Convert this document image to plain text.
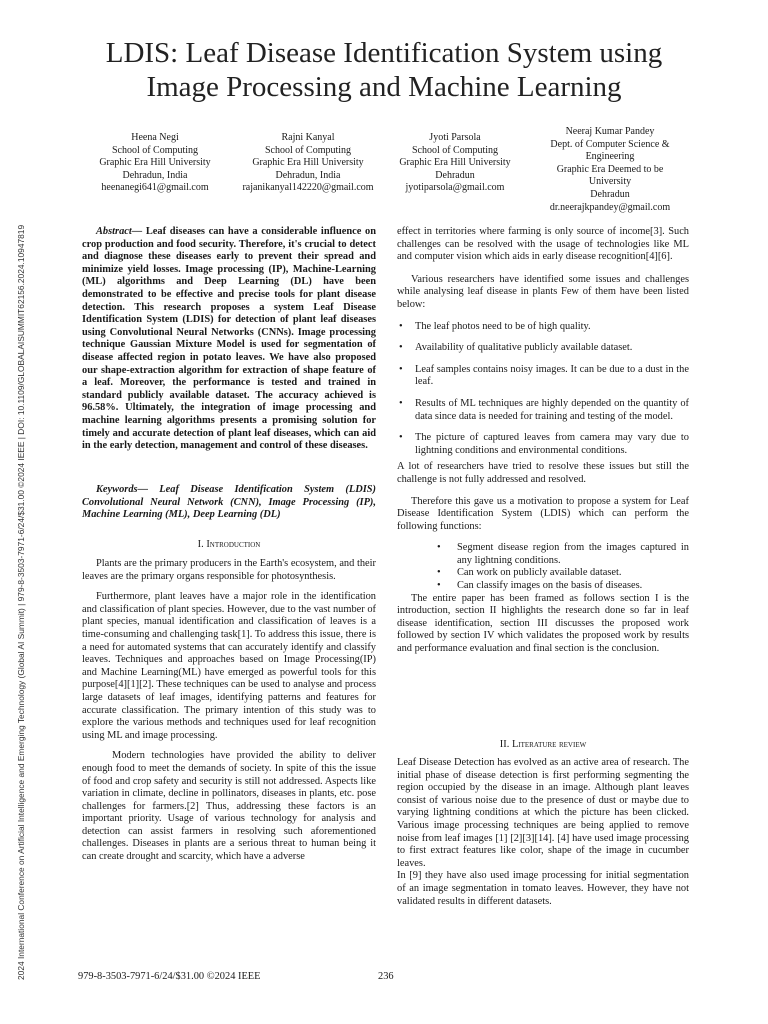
2024 International Conference on Artificial Intelligence and Emerging Technology (Global AI Summit) | 979-8-3503-7971-6/24/$31.00 ©2024 IEEE | DOI: 10.1109/GLOBALAISUMMIT62156.2024.10947819
LDIS: Leaf Disease Identification System using
Image Processing and Machine Learning
Heena Negi
School of Computing
Graphic Era Hill University
Dehradun, India
heenanegi641@gmail.com
Rajni Kanyal
School of Computing
Graphic Era Hill University
Dehradun, India
rajanikanyal142220@gmail.com
Jyoti Parsola
School of Computing
Graphic Era Hill University
Dehradun
jyotiparsola@gmail.com
Neeraj Kumar Pandey
Dept. of Computer Science &
Engineering
Graphic Era Deemed to be
University
Dehradun
dr.neerajkpandey@gmail.com
Abstract— Leaf diseases can have a considerable influence on crop production and food security. Therefore, it's crucial to detect and diagnose these diseases early to prevent their spread and minimize yield losses. Image processing (IP), Machine-Learning (ML) algorithms and Deep Learning (DL) have been demonstrated to be effective and precise tools for plant disease detection. This research proposes a system Leaf Disease Identification System (LDIS) for detection of plant leaf diseases using Convolutional Neural Networks (CNNs). Image processing technique Gaussian Mixture Model is used for segmentation of disease affected region in potato leaves. We have also proposed our shape-extraction algorithm for extraction of shape feature of a leaf. Moreover, the performance is tested and trained in standard publicly available dataset. The accuracy achieved is 96.58%. Ultimately, the integration of image processing and machine learning algorithms presents a promising solution for timely and accurate detection of plant leaf diseases, which can aid in the early detection, management and control of these diseases.
Keywords— Leaf Disease Identification System (LDIS) Convolutional Neural Network (CNN), Image Processing (IP), Machine Learning (ML), Deep Learning (DL)
I. Introduction

Plants are the primary producers in the Earth's ecosystem, and their leaves are the primary organs responsible for photosynthesis.

Furthermore, plant leaves have a major role in the identification and classification of plant species. However, due to the vast number of plant species, manual identification and classification of leaves is a time-consuming and challenging task[1]. To address this issue, there is a need for automated systems that can accurately identify and classify leaves. Techniques and approaches based on Image Processing(IP) and Machine Learning(ML) have emerged as powerful tools for this purpose[4][1][2]. These techniques can be used to analyse and process large datasets of leaf images, identifying patterns and features for accurate classification. The primary intention of this study was to explore the various methods and techniques used for leaf recognition using ML and image processing.

Modern technologies have provided the ability to deliver enough food to meet the demands of society. In spite of this the issue of food and crop safety and security is still not addressed. Aspects like variation in climate, decline in pollinators, diseases in plants, etc. pose challenges for farmers.[2] Thus, addressing these factors is an important priority. Usage of various technology for analysis and detection can assist farmers in resolving such aforementioned challenges. Diseases in plants are a serious threat to human being it can create drought and scarcity, which have a adverse

effect in territories where farming is only source of income[3]. Such challenges can be resolved with the usage of technologies like ML and computer vision which aids in early disease recognition[4][6].

Various researchers have identified some issues and challenges while analysing leaf disease in plants Few of them have been listed below:

• The leaf photos need to be of high quality.
• Availability of qualitative publicly available dataset.
• Leaf samples contains noisy images. It can be due to a dust in the leaf.
• Results of ML techniques are highly depended on the quantity of data since data is needed for training and testing of the model.
• The picture of captured leaves from camera may vary due to lightning conditions and environmental conditions.

A lot of researchers have tried to resolve these issues but still the challenge is not fully addressed and resolved.

Therefore this gave us a motivation to propose a system for Leaf Disease Identification System (LDIS) which can perform the following functions:

• Segment disease region from the images captured in any lightning conditions.
• Can work on publicly available dataset.
• Can classify images on the basis of diseases.

The entire paper has been framed as follows section I is the introduction, section II highlights the research done so far in leaf disease identification, section III discusses the proposed work followed by section IV which validates the proposed work by results and performance evaluation and final section is the conclusion.

II. Literature review

Leaf Disease Detection has evolved as an active area of research. The initial phase of disease detection is first performing segmenting the region occupied by the disease in an image. Although plant leaves consist of various noise due to the presence of dust or maybe due to varying lightning conditions at which the picture has been clicked. Various image processing techniques are being applied to remove noise from leaf images [1] [2][3][14]. [4] have used image processing to first extract features like color, shape of the image in cucumber leaves.

In [9] they have also used image processing for initial segmentation of an image segmentation in tomato leaves. However, they have not validated results in different datasets.

979-8-3503-7971-6/24/$31.00 ©2024 IEEE	236
